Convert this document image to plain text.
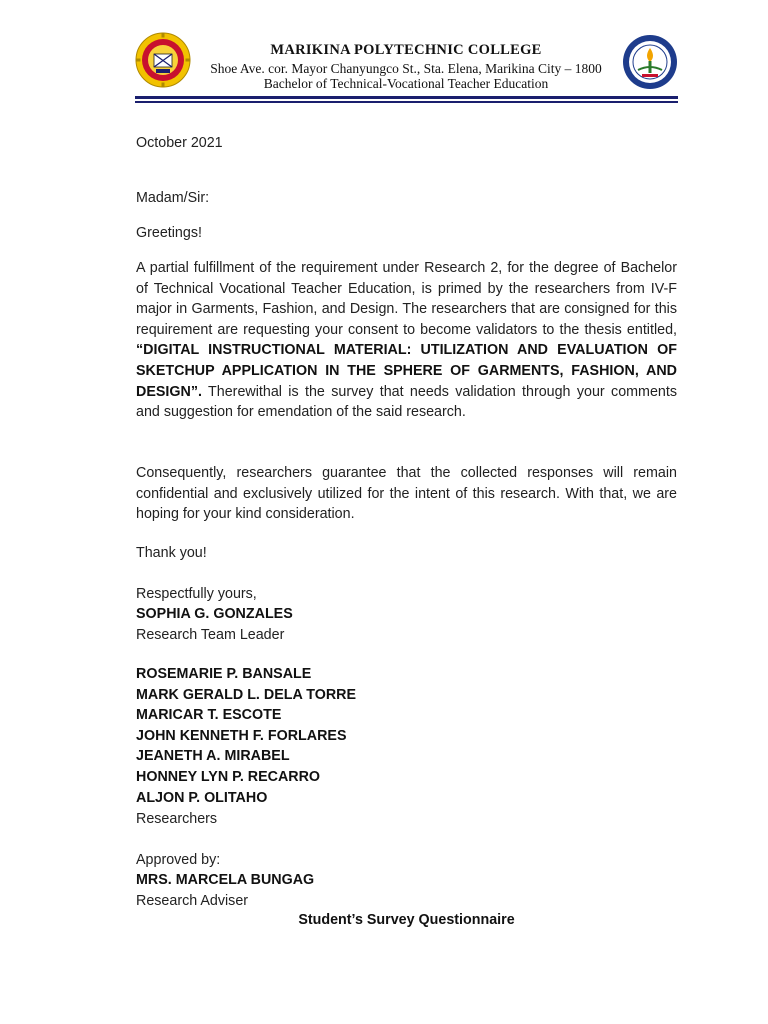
MARIKINA POLYTECHNIC COLLEGE
Shoe Ave. cor. Mayor Chanyungco St., Sta. Elena, Marikina City – 1800
Bachelor of Technical-Vocational Teacher Education
October 2021
Madam/Sir:
Greetings!
A partial fulfillment of the requirement under Research 2, for the degree of Bachelor of Technical Vocational Teacher Education, is primed by the researchers from IV-F major in Garments, Fashion, and Design. The researchers that are consigned for this requirement are requesting your consent to become validators to the thesis entitled, “DIGITAL INSTRUCTIONAL MATERIAL: UTILIZATION AND EVALUATION OF SKETCHUP APPLICATION IN THE SPHERE OF GARMENTS, FASHION, AND DESIGN”. Therewithal is the survey that needs validation through your comments and suggestion for emendation of the said research.
Consequently, researchers guarantee that the collected responses will remain confidential and exclusively utilized for the intent of this research. With that, we are hoping for your kind consideration.
Thank you!
Respectfully yours,
SOPHIA G. GONZALES
Research Team Leader
ROSEMARIE P. BANSALE
MARK GERALD L. DELA TORRE
MARICAR T. ESCOTE
JOHN KENNETH F. FORLARES
JEANETH A. MIRABEL
HONNEY LYN P. RECARRO
ALJON P. OLITAHO
Researchers
Approved by:
MRS. MARCELA BUNGAG
Research Adviser
Student’s Survey Questionnaire
